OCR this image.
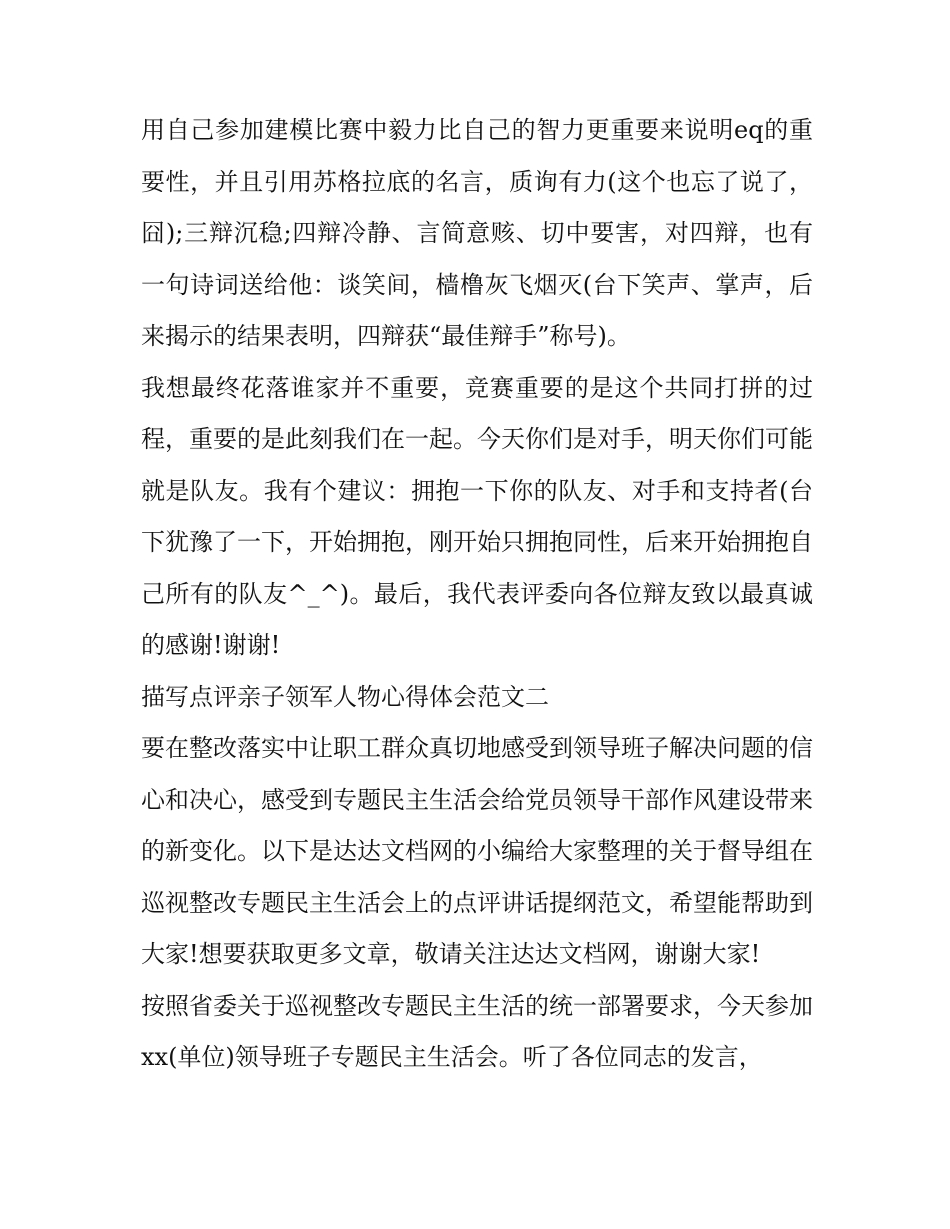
用自己参加建模比赛中毅力比自己的智力更重要来说明eq的重要性，并且引用苏格拉底的名言，质询有力(这个也忘了说了，囧);三辩沉稳;四辩冷静、言简意赅、切中要害，对四辩，也有一句诗词送给他：谈笑间，樯橹灰飞烟灭(台下笑声、掌声，后来揭示的结果表明，四辩获“最佳辩手”称号)。

我想最终花落谁家并不重要，竞赛重要的是这个共同打拼的过程，重要的是此刻我们在一起。今天你们是对手，明天你们可能就是队友。我有个建议：拥抱一下你的队友、对手和支持者(台下犹豫了一下，开始拥抱，刚开始只拥抱同性，后来开始拥抱自己所有的队友^_^)。最后，我代表评委向各位辩友致以最真诚的感谢!谢谢!

描写点评亲子领军人物心得体会范文二

要在整改落实中让职工群众真切地感受到领导班子解决问题的信心和决心，感受到专题民主生活会给党员领导干部作风建设带来的新变化。以下是达达文档网的小编给大家整理的关于督导组在巡视整改专题民主生活会上的点评讲话提纲范文，希望能帮助到大家!想要获取更多文章，敬请关注达达文档网，谢谢大家!

按照省委关于巡视整改专题民主生活的统一部署要求，今天参加xx(单位)领导班子专题民主生活会。听了各位同志的发言，
